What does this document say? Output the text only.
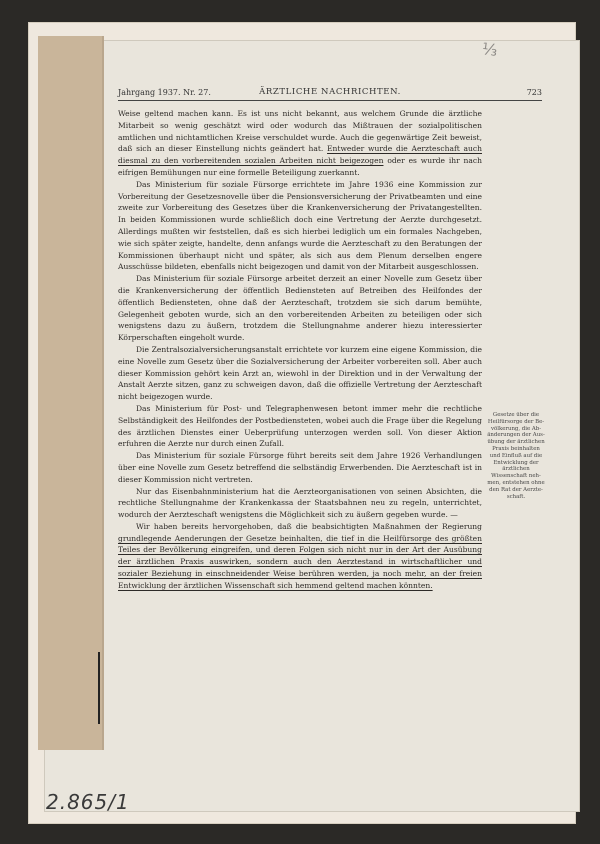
⅓
Jahrgang 1937. Nr. 27.	ÄRZTLICHE NACHRICHTEN.	723

Weise geltend machen kann. Es ist uns nicht bekannt, aus welchem Grunde die ärztliche Mitarbeit so wenig geschätzt wird oder wodurch das Mißtrauen der sozialpolitischen amtlichen und nichtamtlichen Kreise verschuldet wurde. Auch die gegenwärtige Zeit beweist, daß sich an dieser Einstellung nichts geändert hat. Entweder wurde die Aerzteschaft auch diesmal zu den vorbereitenden sozialen Arbeiten nicht beigezogen oder es wurde ihr nach eifrigen Bemühungen nur eine formelle Beteiligung zuerkannt.

Das Ministerium für soziale Fürsorge errichtete im Jahre 1936 eine Kommission zur Vorbereitung der Gesetzesnovelle über die Pensionsversicherung der Privatbeamten und eine zweite zur Vorbereitung des Gesetzes über die Krankenversicherung der Privatangestellten. In beiden Kommissionen wurde schließlich doch eine Vertretung der Aerzte durchgesetzt. Allerdings mußten wir feststellen, daß es sich hierbei lediglich um ein formales Nachgeben, wie sich später zeigte, handelte, denn anfangs wurde die Aerzteschaft zu den Beratungen der Kommissionen überhaupt nicht und später, als sich aus dem Plenum derselben engere Ausschüsse bildeten, ebenfalls nicht beigezogen und damit von der Mitarbeit ausgeschlossen.

Das Ministerium für soziale Fürsorge arbeitet derzeit an einer Novelle zum Gesetz über die Krankenversicherung der öffentlich Bediensteten auf Betreiben des Heilfondes der öffentlich Bediensteten, ohne daß der Aerzteschaft, trotzdem sie sich darum bemühte, Gelegenheit geboten wurde, sich an den vorbereitenden Arbeiten zu beteiligen oder sich wenigstens dazu zu äußern, trotzdem die Stellungnahme anderer hiezu interessierter Körperschaften eingeholt wurde.

Die Zentralsozialversicherungsanstalt errichtete vor kurzem eine eigene Kommission, die eine Novelle zum Gesetz über die Sozialversicherung der Arbeiter vorbereiten soll. Aber auch dieser Kommission gehört kein Arzt an, wiewohl in der Direktion und in der Verwaltung der Anstalt Aerzte sitzen, ganz zu schweigen davon, daß die offizielle Vertretung der Aerzteschaft nicht beigezogen wurde.

Das Ministerium für Post- und Telegraphenwesen betont immer mehr die rechtliche Selbständigkeit des Heilfondes der Postbediensteten, wobei auch die Frage über die Regelung des ärztlichen Dienstes einer Ueberprüfung unterzogen werden soll. Von dieser Aktion erfuhren die Aerzte nur durch einen Zufall.

Das Ministerium für soziale Fürsorge führt bereits seit dem Jahre 1926 Verhandlungen über eine Novelle zum Gesetz betreffend die selbständig Erwerbenden. Die Aerzteschaft ist in dieser Kommission nicht vertreten.

Nur das Eisenbahnministerium hat die Aerzteorganisationen von seinen Absichten, die rechtliche Stellungnahme der Krankenkassa der Staatsbahnen neu zu regeln, unterrichtet, wodurch der Aerzteschaft wenigstens die Möglichkeit sich zu äußern gegeben wurde. —

Wir haben bereits hervorgehoben, daß die beabsichtigten Maßnahmen der Regierung grundlegende Aenderungen der Gesetze beinhalten, die tief in die Heilfürsorge des größten Teiles der Bevölkerung eingreifen, und deren Folgen sich nicht nur in der Art der Ausübung der ärztlichen Praxis auswirken, sondern auch den Aerztestand in wirtschaftlicher und sozialer Beziehung in einschneidender Weise berühren werden, ja noch mehr, an der freien Entwicklung der ärztlichen Wissenschaft sich hemmend geltend machen könnten.

Gesetze über die Heilfürsorge der Bevölkerung, die Abänderungen der Ausübung der ärztlichen Praxis beinhalten und Einfluß auf die Entwicklung der ärztlichen Wissenschaft nehmen, entstehen ohne den Rat der Aerzteschaft.
2.865/1
